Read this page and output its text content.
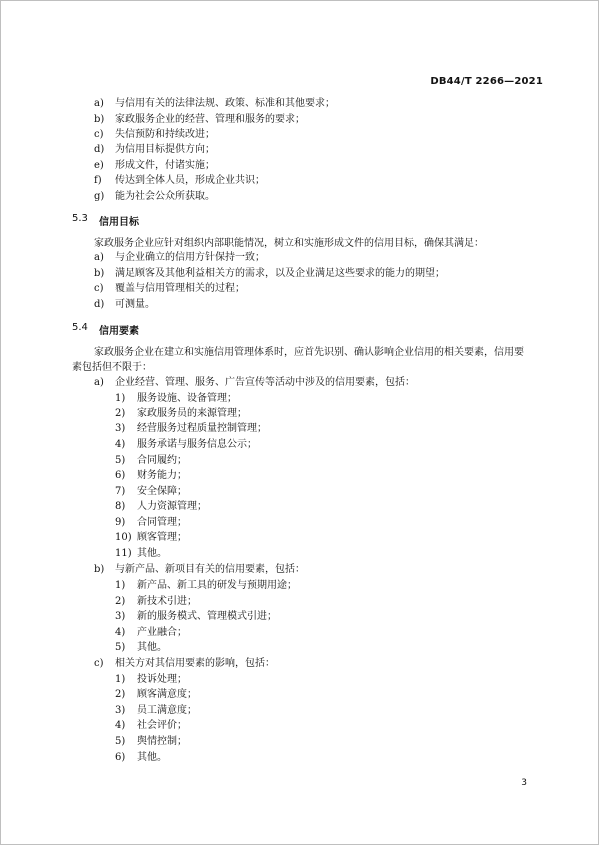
DB44/T 2266—2021
a) 与信用有关的法律法规、政策、标准和其他要求；
b) 家政服务企业的经营、管理和服务的要求；
c) 失信预防和持续改进；
d) 为信用目标提供方向；
e) 形成文件，付诸实施；
f) 传达到全体人员，形成企业共识；
g) 能为社会公众所获取。
5.3 信用目标
家政服务企业应针对组织内部职能情况，树立和实施形成文件的信用目标，确保其满足：
a) 与企业确立的信用方针保持一致；
b) 满足顾客及其他利益相关方的需求，以及企业满足这些要求的能力的期望；
c) 覆盖与信用管理相关的过程；
d) 可测量。
5.4 信用要素
家政服务企业在建立和实施信用管理体系时，应首先识别、确认影响企业信用的相关要素，信用要
素包括但不限于：
a) 企业经营、管理、服务、广告宣传等活动中涉及的信用要素，包括：
1) 服务设施、设备管理；
2) 家政服务员的来源管理；
3) 经营服务过程质量控制管理；
4) 服务承诺与服务信息公示；
5) 合同履约；
6) 财务能力；
7) 安全保障；
8) 人力资源管理；
9) 合同管理；
10) 顾客管理；
11) 其他。
b) 与新产品、新项目有关的信用要素，包括：
1) 新产品、新工具的研发与预期用途；
2) 新技术引进；
3) 新的服务模式、管理模式引进；
4) 产业融合；
5) 其他。
c) 相关方对其信用要素的影响，包括：
1) 投诉处理；
2) 顾客满意度；
3) 员工满意度；
4) 社会评价；
5) 舆情控制；
6) 其他。
3
